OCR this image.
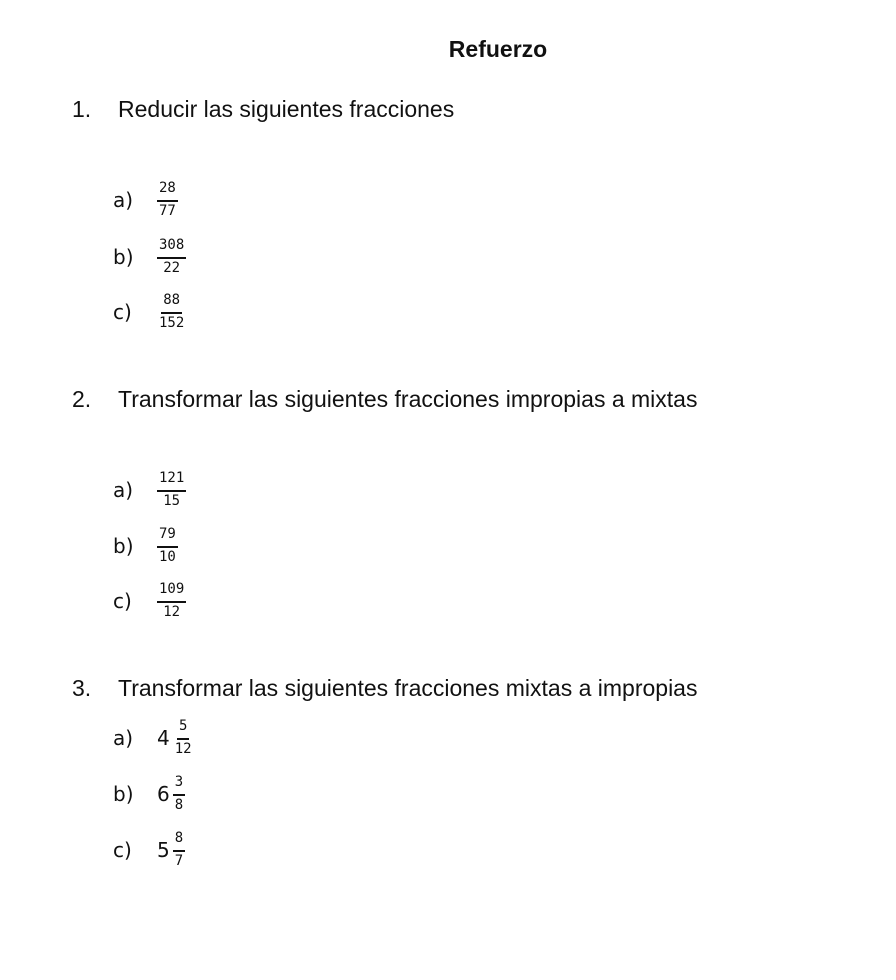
Refuerzo
1. Reducir las siguientes fracciones
a)	$\frac{28}{77}$
b)	$\frac{308}{22}$
c)	$\frac{88}{152}$
2. Transformar las siguientes fracciones impropias a mixtas
a)	$\frac{121}{15}$
b)	$\frac{79}{10}$
c)	$\frac{109}{12}$
3. Transformar las siguientes fracciones mixtas a impropias
a)	$4 \frac{5}{12}$
b)	$6 \frac{3}{8}$
c)	$5 \frac{8}{7}$
